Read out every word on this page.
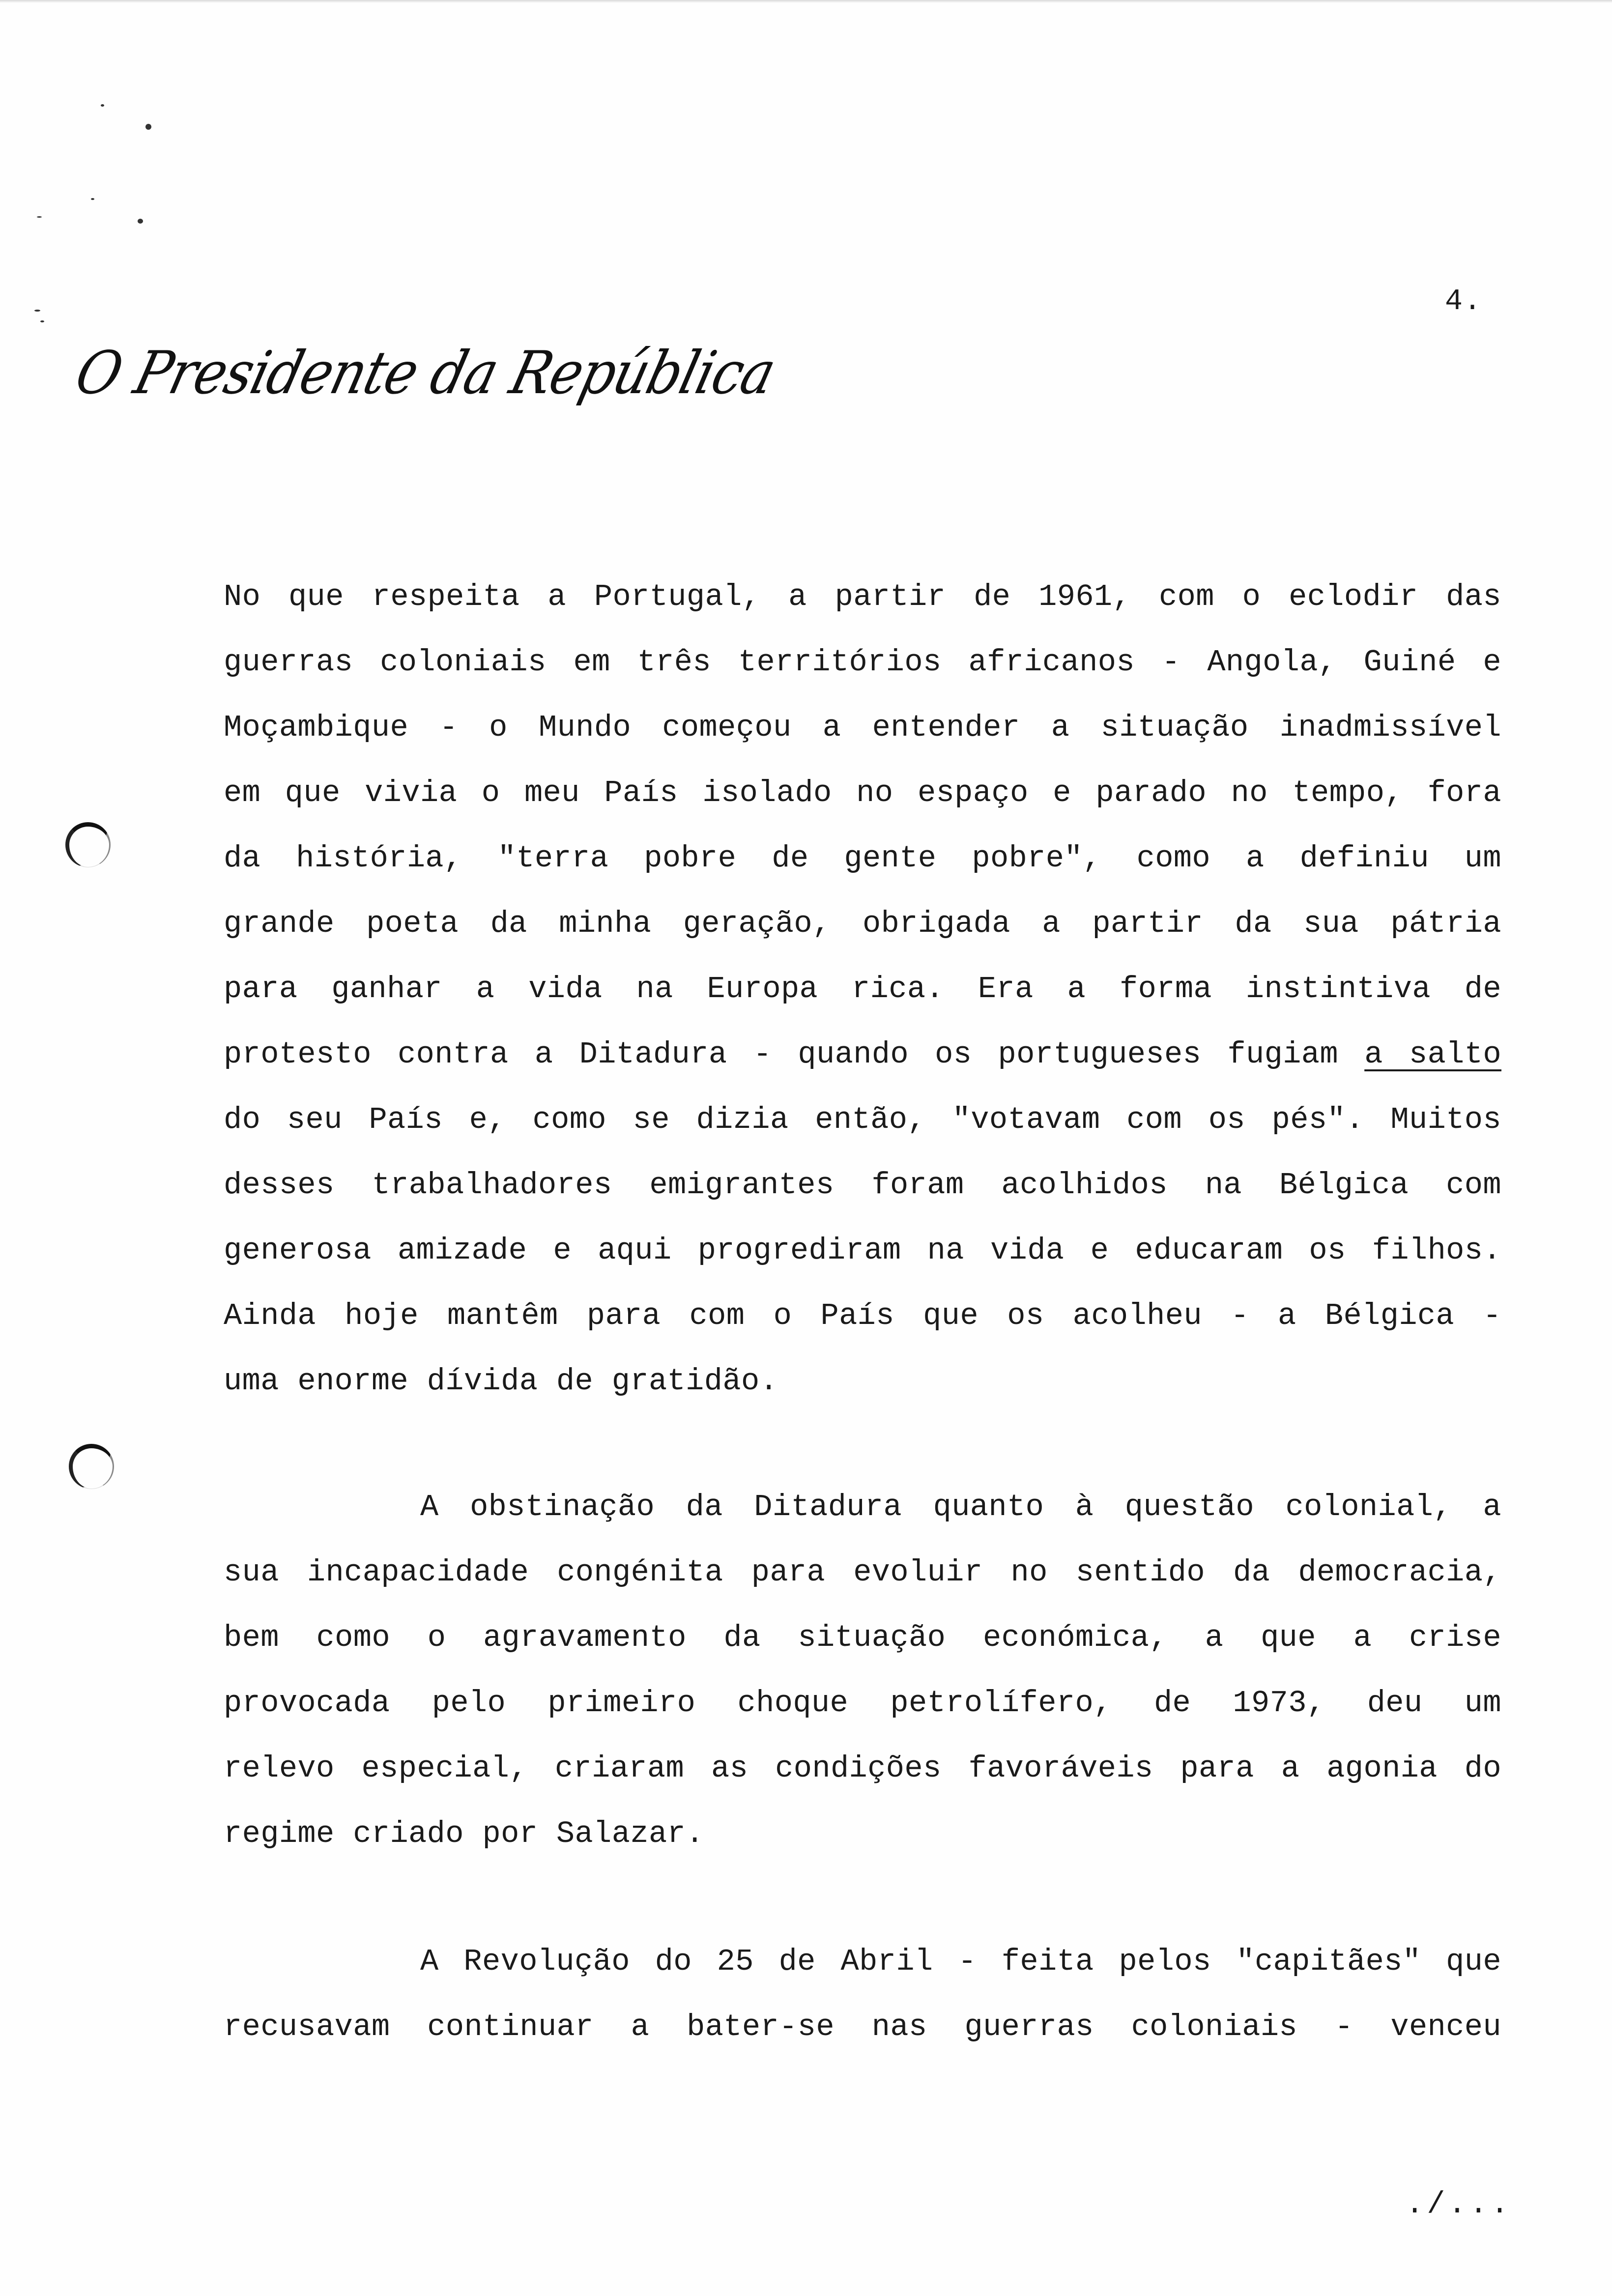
4.
O Presidente da República
No que respeita a Portugal, a partir de 1961, com o eclodir das
guerras coloniais em três territórios africanos - Angola, Guiné e
Moçambique - o Mundo começou a entender a situação inadmissível
em que vivia o meu País isolado no espaço e parado no tempo, fora
da história, "terra pobre de gente pobre", como a definiu um
grande poeta da minha geração, obrigada a partir da sua pátria
para ganhar a vida na Europa rica. Era a forma instintiva de
protesto contra a Ditadura - quando os portugueses fugiam a salto
do seu País e, como se dizia então, "votavam com os pés". Muitos
desses trabalhadores emigrantes foram acolhidos na Bélgica com
generosa amizade e aqui progrediram na vida e educaram os filhos.
Ainda hoje mantêm para com o País que os acolheu - a Bélgica -
uma enorme dívida de gratidão.
A obstinação da Ditadura quanto à questão colonial, a
sua incapacidade congénita para evoluir no sentido da democracia,
bem como o agravamento da situação económica, a que a crise
provocada pelo primeiro choque petrolífero, de 1973, deu um
relevo especial, criaram as condições favoráveis para a agonia do
regime criado por Salazar.
A Revolução do 25 de Abril - feita pelos "capitães" que
recusavam continuar a bater-se nas guerras coloniais - venceu
./...
